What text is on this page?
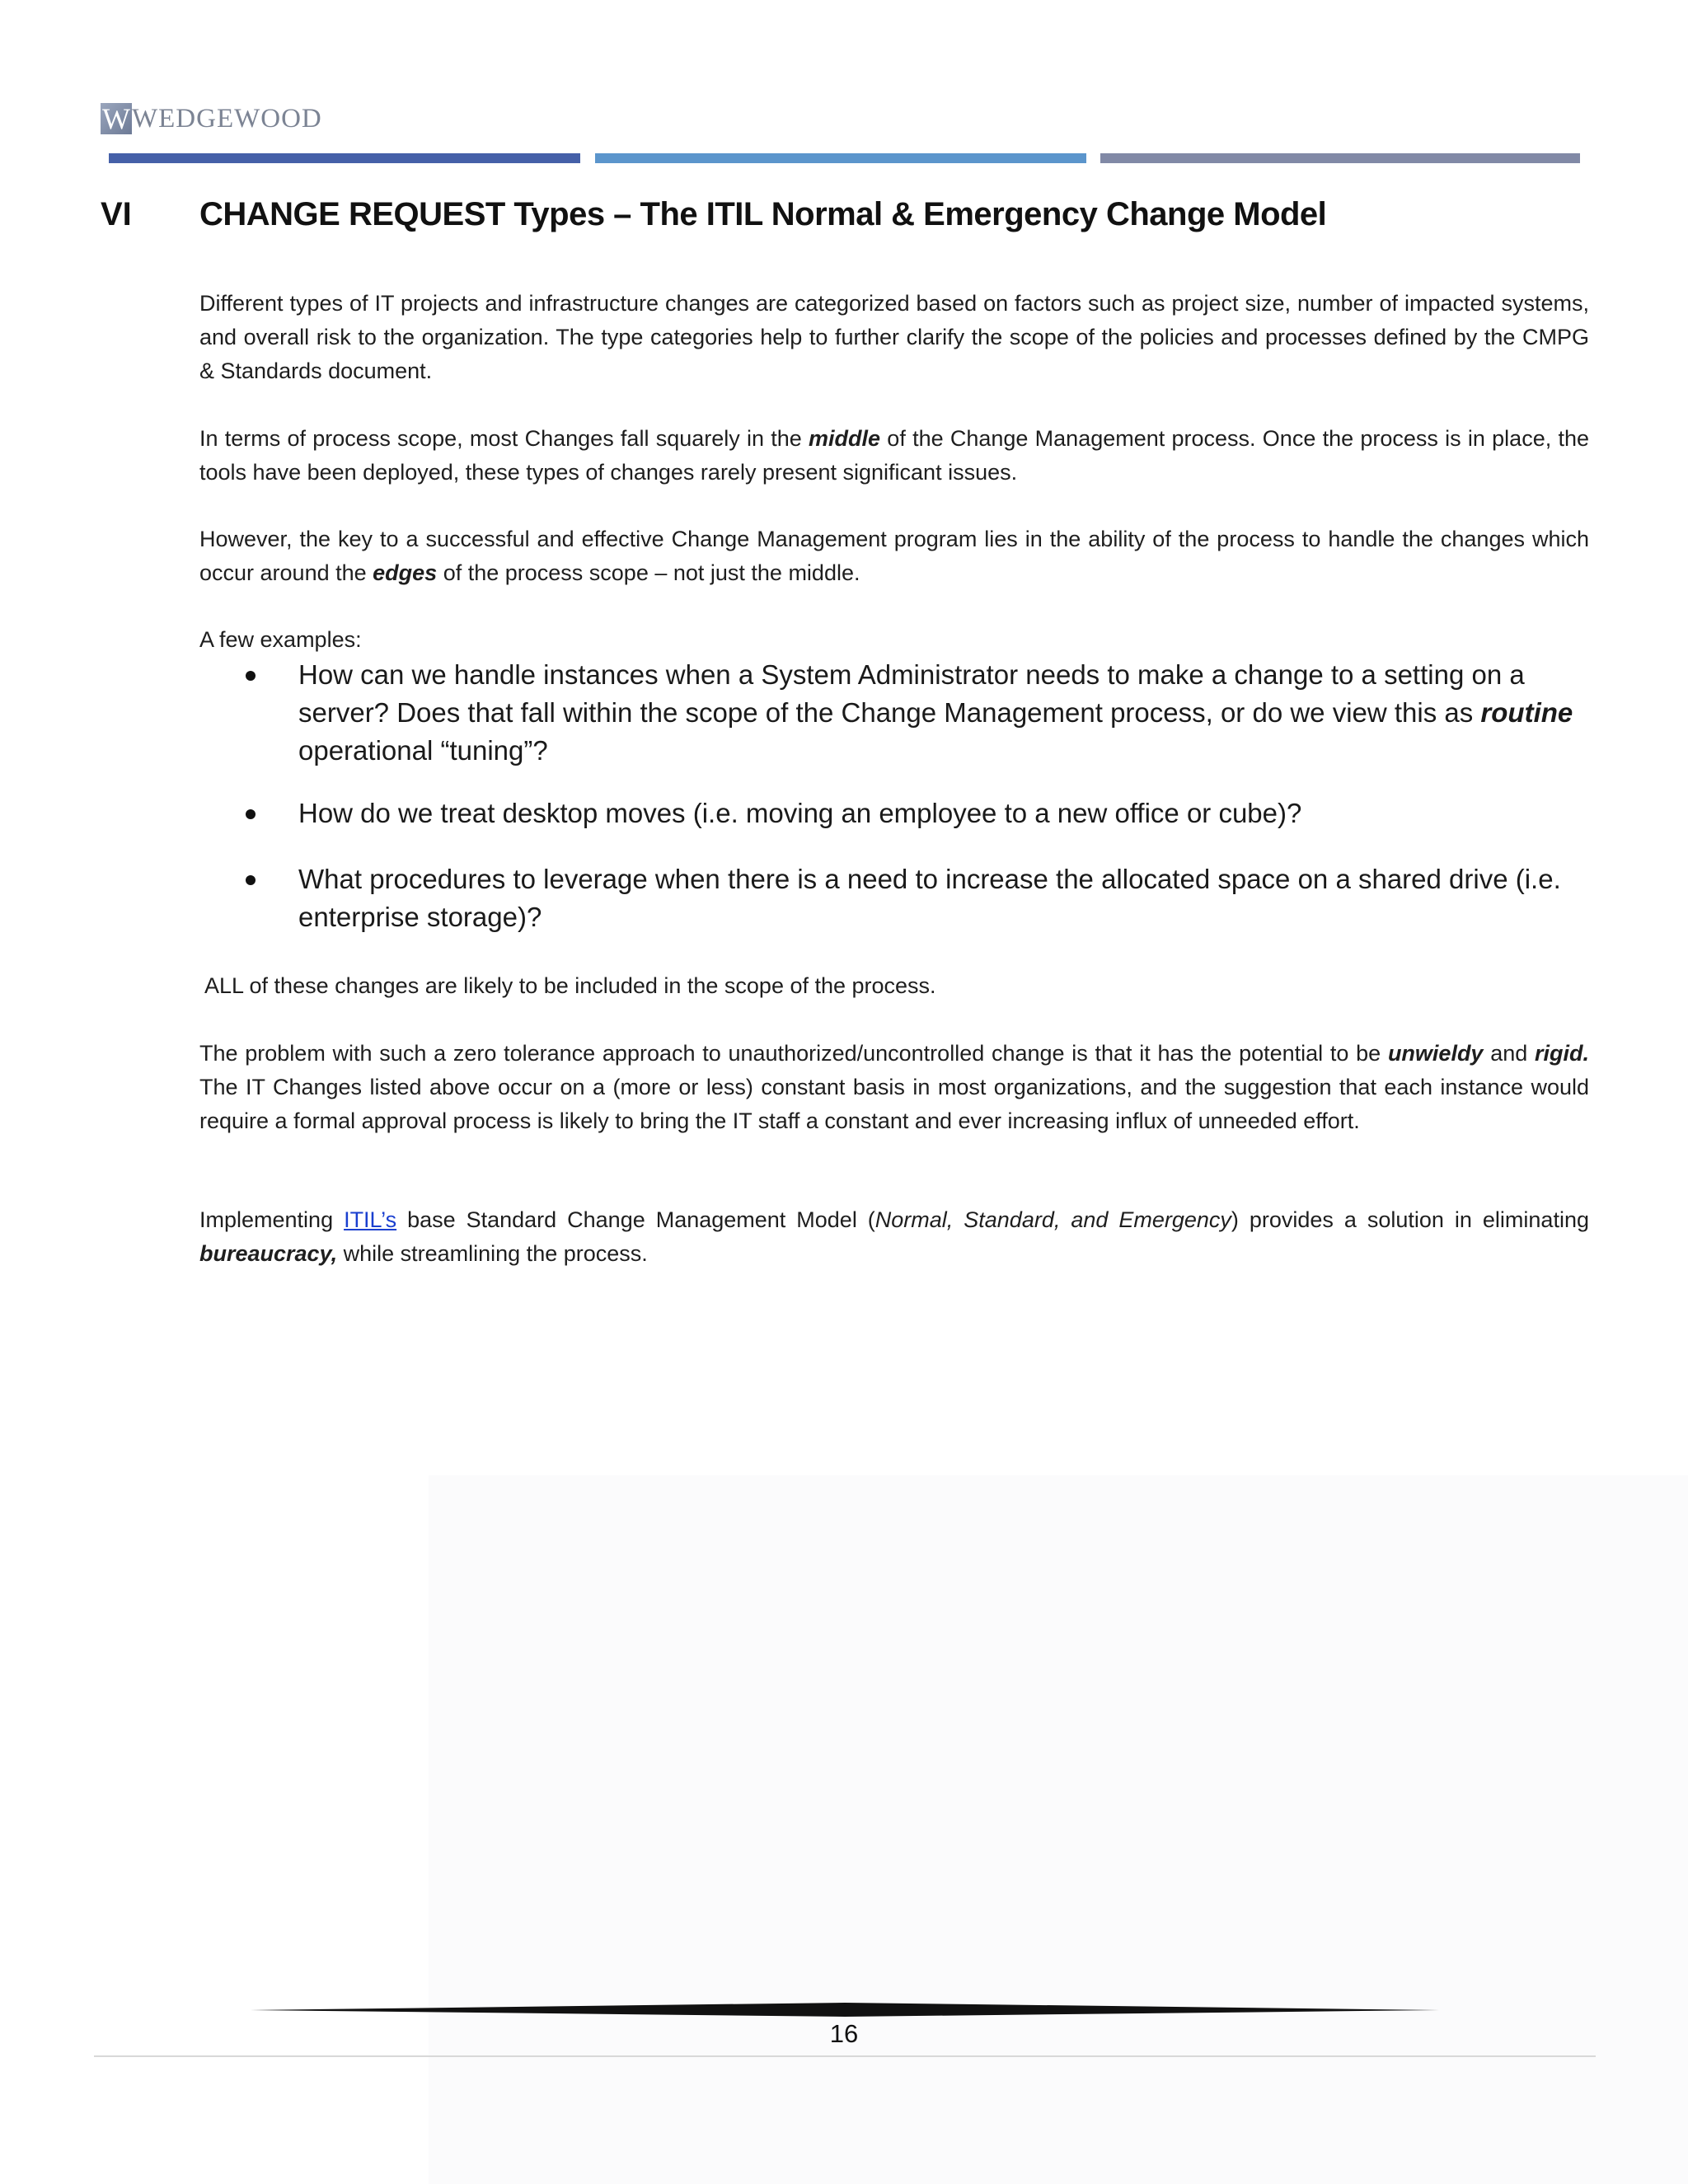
W WEDGEWOOD
VI	CHANGE REQUEST Types – The ITIL Normal & Emergency Change Model
Different types of IT projects and infrastructure changes are categorized based on factors such as project size, number of impacted systems, and overall risk to the organization. The type categories help to further clarify the scope of the policies and processes defined by the CMPG & Standards document.
In terms of process scope, most Changes fall squarely in the middle of the Change Management process. Once the process is in place, the tools have been deployed, these types of changes rarely present significant issues.
However, the key to a successful and effective Change Management program lies in the ability of the process to handle the changes which occur around the edges of the process scope – not just the middle.
A few examples:
How can we handle instances when a System Administrator needs to make a change to a setting on a server? Does that fall within the scope of the Change Management process, or do we view this as routine operational “tuning”?
How do we treat desktop moves (i.e. moving an employee to a new office or cube)?
What procedures to leverage when there is a need to increase the allocated space on a shared drive (i.e. enterprise storage)?
ALL of these changes are likely to be included in the scope of the process.
The problem with such a zero tolerance approach to unauthorized/uncontrolled change is that it has the potential to be unwieldy and rigid. The IT Changes listed above occur on a (more or less) constant basis in most organizations, and the suggestion that each instance would require a formal approval process is likely to bring the IT staff a constant and ever increasing influx of unneeded effort.
Implementing ITIL’s base Standard Change Management Model (Normal, Standard, and Emergency) provides a solution in eliminating bureaucracy, while streamlining the process.
16
